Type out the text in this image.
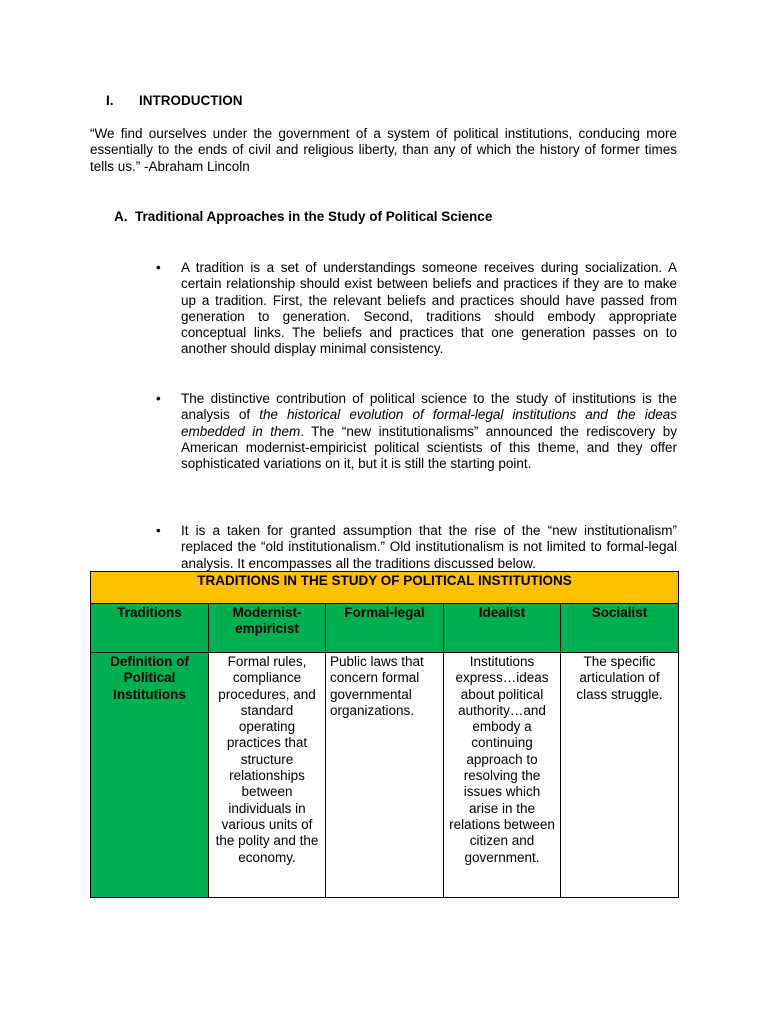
I. INTRODUCTION
“We find ourselves under the government of a system of political institutions, conducing more essentially to the ends of civil and religious liberty, than any of which the history of former times tells us.” -Abraham Lincoln
A. Traditional Approaches in the Study of Political Science
•	A tradition is a set of understandings someone receives during socialization. A certain relationship should exist between beliefs and practices if they are to make up a tradition. First, the relevant beliefs and practices should have passed from generation to generation. Second, traditions should embody appropriate conceptual links. The beliefs and practices that one generation passes on to another should display minimal consistency.
•	The distinctive contribution of political science to the study of institutions is the analysis of the historical evolution of formal-legal institutions and the ideas embedded in them. The “new institutionalisms” announced the rediscovery by American modernist-empiricist political scientists of this theme, and they offer sophisticated variations on it, but it is still the starting point.
•	It is a taken for granted assumption that the rise of the “new institutionalism” replaced the “old institutionalism.” Old institutionalism is not limited to formal-legal analysis. It encompasses all the traditions discussed below.
TRADITIONS IN THE STUDY OF POLITICAL INSTITUTIONS				
Traditions	Modernist-empiricist	Formal-legal	Idealist	Socialist
Definition of Political Institutions	Formal rules, compliance procedures, and standard operating practices that structure relationships between individuals in various units of the polity and the economy.	Public laws that concern formal governmental organizations.	Institutions express…ideas about political authority…and embody a continuing approach to resolving the issues which arise in the relations between citizen and government.	The specific articulation of class struggle.
